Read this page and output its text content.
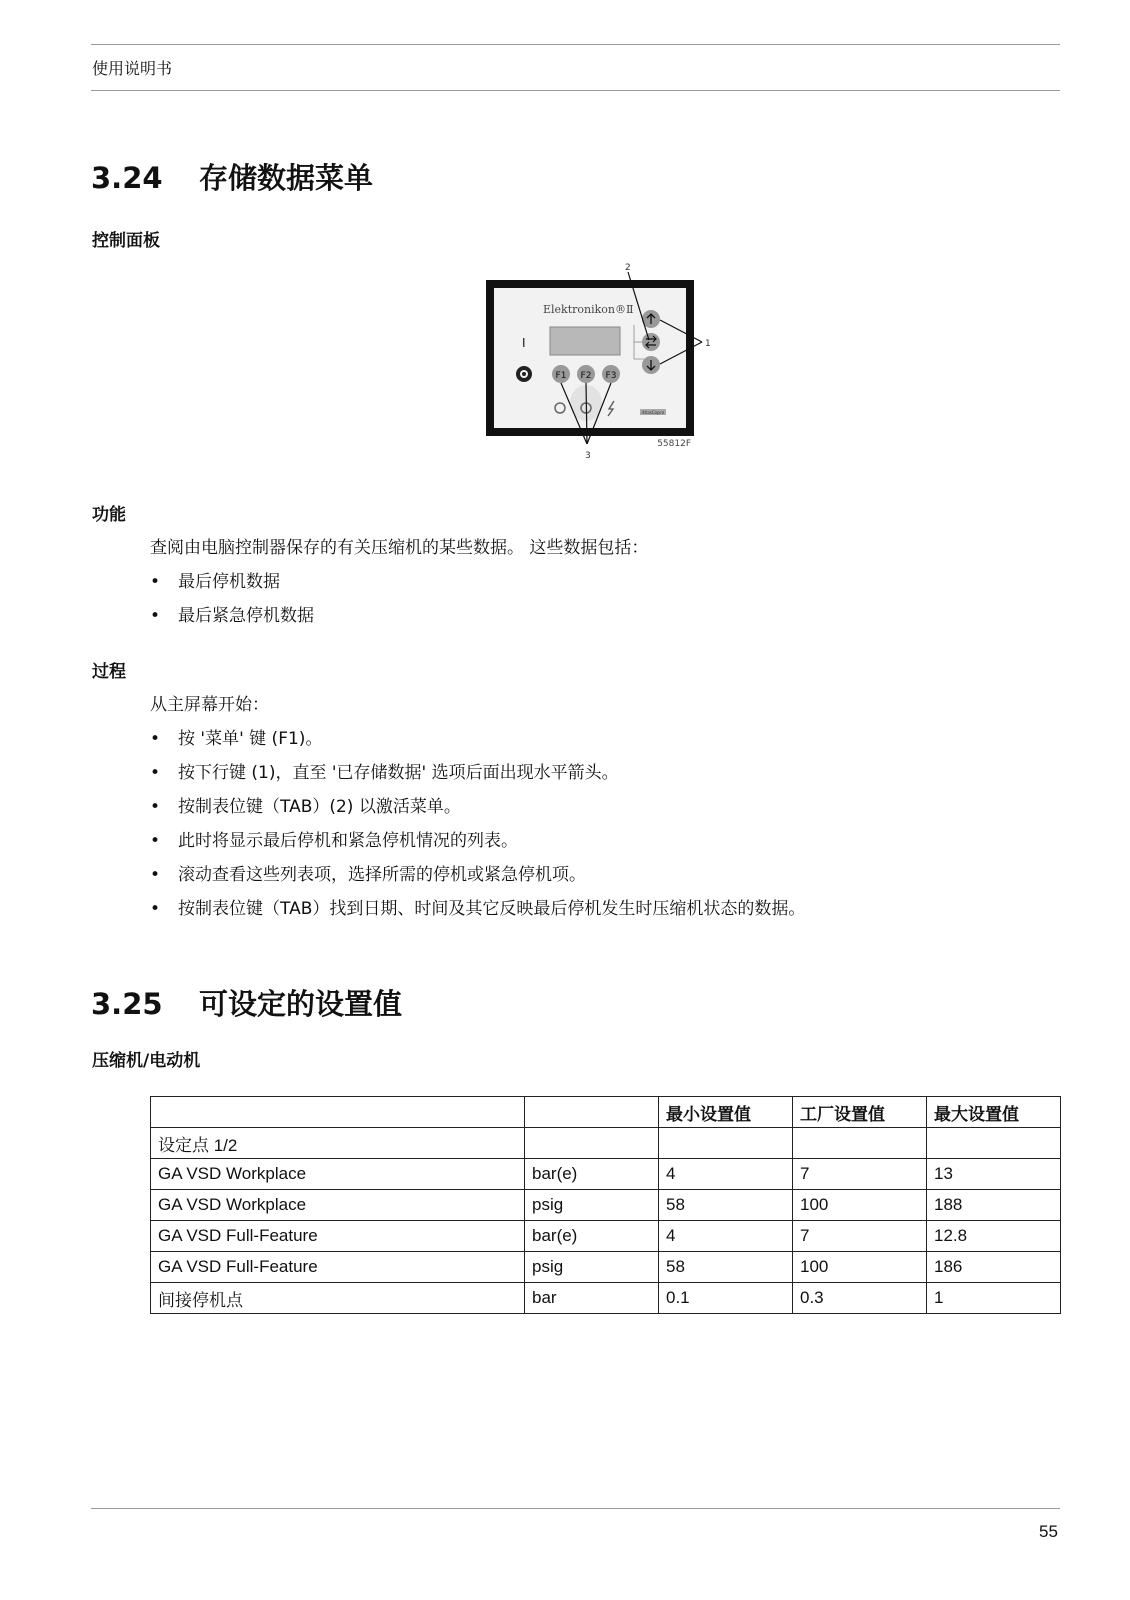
使用说明书
3.24 存储数据菜单
控制面板
Elektronikon®Ⅱ
I
F1 F2 F3
AtlasCopco
2
1
3
55812F
功能
查阅由电脑控制器保存的有关压缩机的某些数据。 这些数据包括：
• 最后停机数据
• 最后紧急停机数据
过程
从主屏幕开始：
• 按 '菜单' 键 (F1)。
• 按下行键 (1)，直至 '已存储数据' 选项后面出现水平箭头。
• 按制表位键（TAB）(2) 以激活菜单。
• 此时将显示最后停机和紧急停机情况的列表。
• 滚动查看这些列表项，选择所需的停机或紧急停机项。
• 按制表位键（TAB）找到日期、时间及其它反映最后停机发生时压缩机状态的数据。
3.25 可设定的设置值
压缩机/电动机
		最小设置值	工厂设置值	最大设置值
设定点 1/2				
GA VSD Workplace	bar(e)	4	7	13
GA VSD Workplace	psig	58	100	188
GA VSD Full-Feature	bar(e)	4	7	12.8
GA VSD Full-Feature	psig	58	100	186
间接停机点	bar	0.1	0.3	1
55
